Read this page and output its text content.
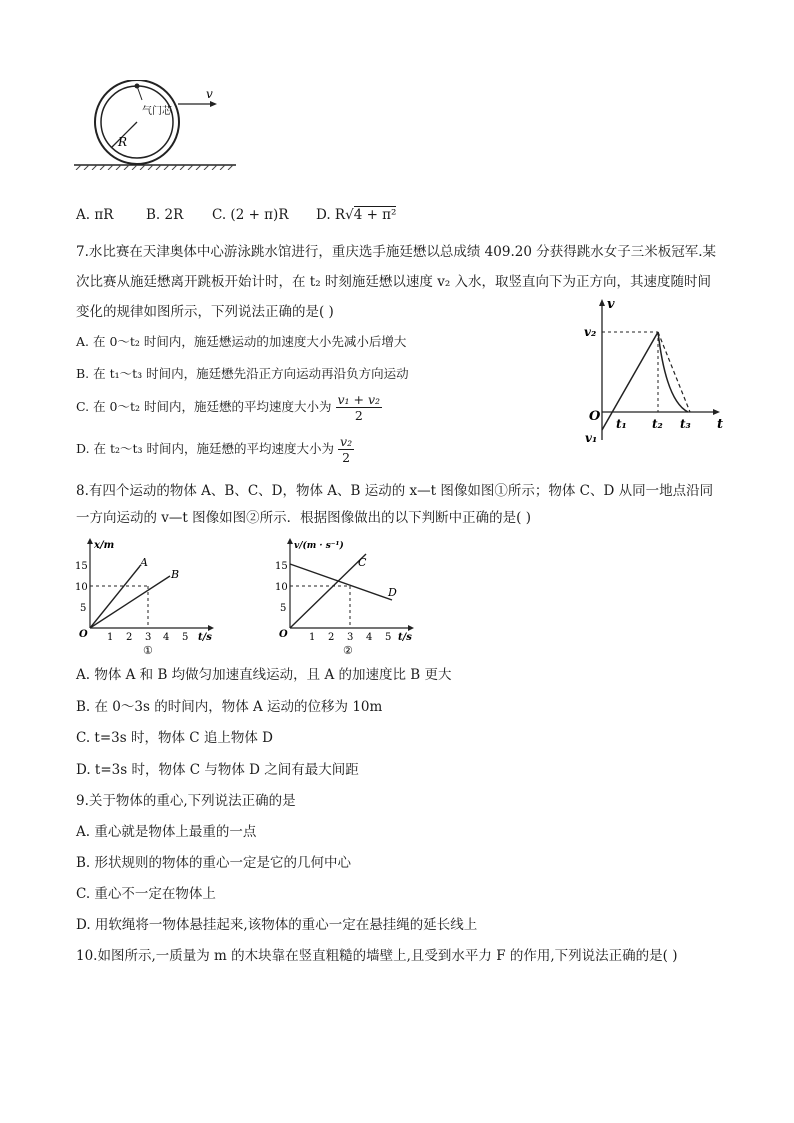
R
气门芯
v
A. πR B. 2R C. (2 + π)R D. R√4 + π²
7.水比赛在天津奥体中心游泳跳水馆进行，重庆选手施廷懋以总成绩 409.20 分获得跳水女子三米板冠军.某
次比赛从施廷懋离开跳板开始计时，在 t₂ 时刻施廷懋以速度 v₂ 入水，取竖直向下为正方向，其速度随时间
变化的规律如图所示，下列说法正确的是( )
A. 在 0～t₂ 时间内，施廷懋运动的加速度大小先减小后增大
B. 在 t₁～t₃ 时间内，施廷懋先沿正方向运动再沿负方向运动
C. 在 0～t₂ 时间内，施廷懋的平均速度大小为 $\frac{\text{v₁ + v₂}}{2}$
D. 在 t₂～t₃ 时间内，施廷懋的平均速度大小为 $\frac{\text{v₂}}{2}$
v
t
O
v₂
v₁
t₁ t₂ t₃
8.有四个运动的物体 A、B、C、D，物体 A、B 运动的 x—t 图像如图①所示；物体 C、D 从同一地点沿同
一方向运动的 v—t 图像如图②所示．根据图像做出的以下判断中正确的是( )
x/m
t/s
O
15
10
5
1 2 3 4 5
A
B
①
v/(m · s⁻¹)
t/s
O
15
10
5
1 2 3 4 5
C
D
②
A. 物体 A 和 B 均做匀加速直线运动，且 A 的加速度比 B 更大
B. 在 0～3s 的时间内，物体 A 运动的位移为 10m
C. t=3s 时，物体 C 追上物体 D
D. t=3s 时，物体 C 与物体 D 之间有最大间距
9.关于物体的重心,下列说法正确的是
A. 重心就是物体上最重的一点
B. 形状规则的物体的重心一定是它的几何中心
C. 重心不一定在物体上
D. 用软绳将一物体悬挂起来,该物体的重心一定在悬挂绳的延长线上
10.如图所示,一质量为 m 的木块靠在竖直粗糙的墙壁上,且受到水平力 F 的作用,下列说法正确的是( )
